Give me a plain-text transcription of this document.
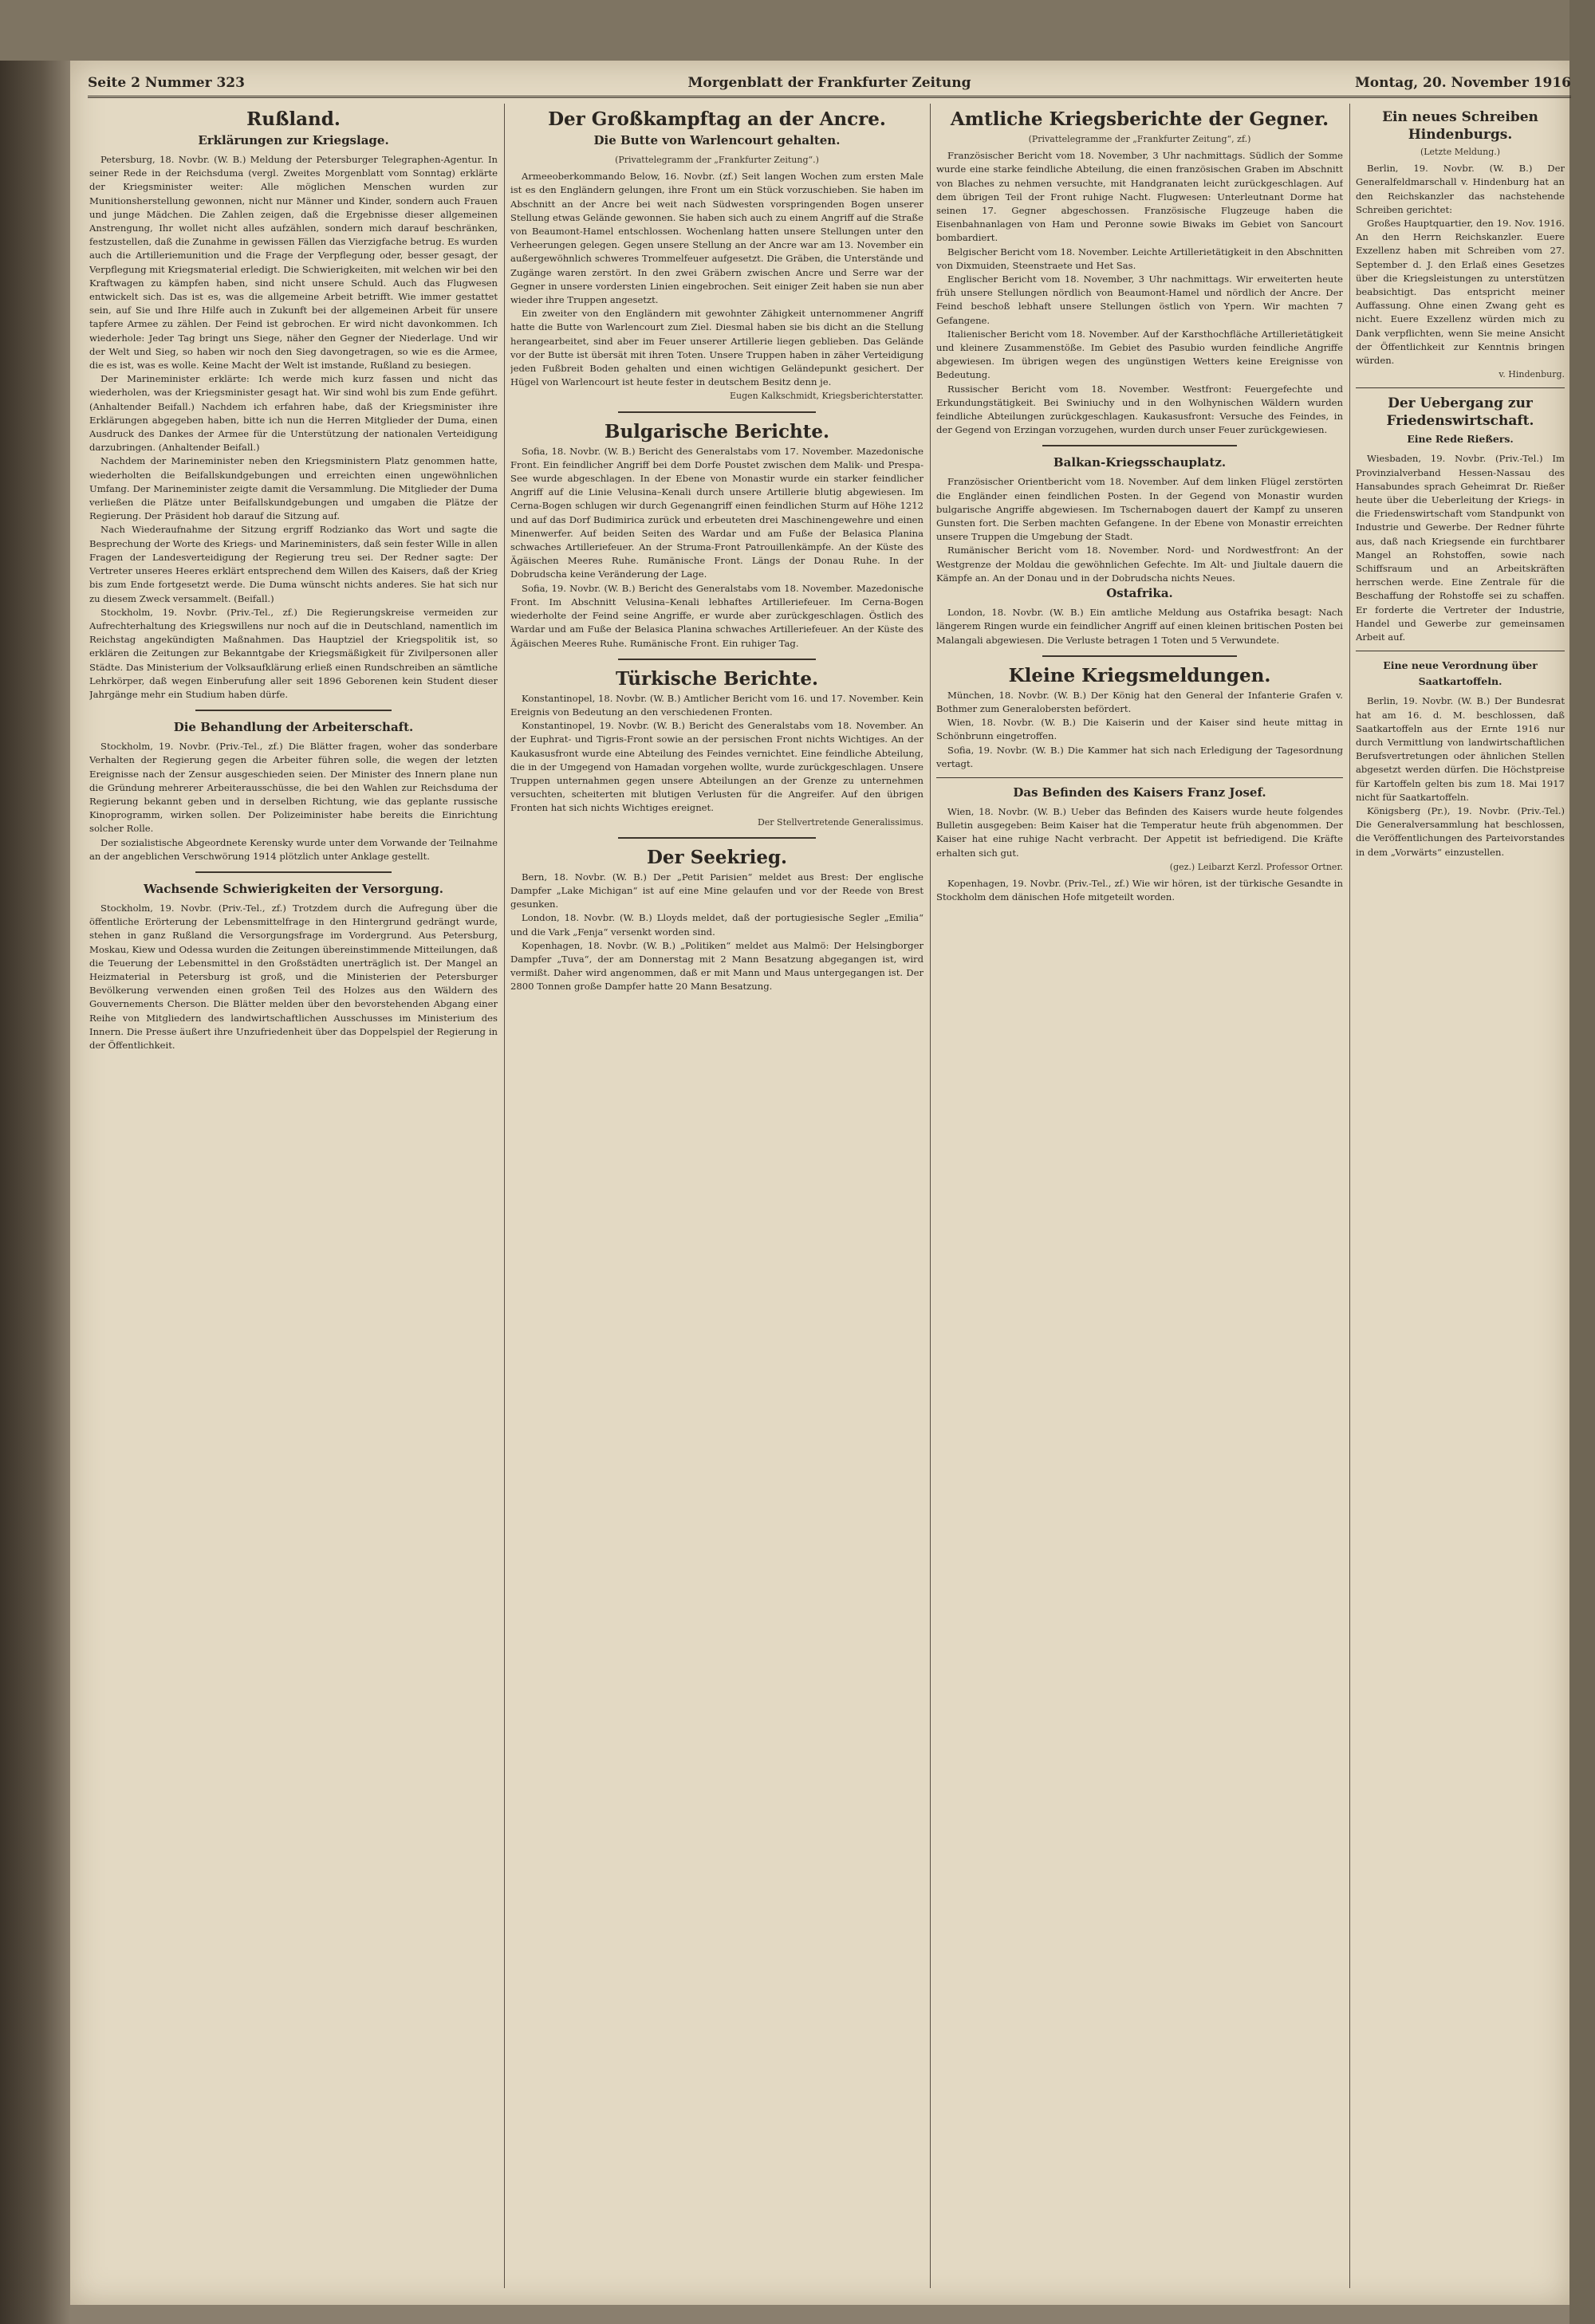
Seite 2 Nummer 323	Morgenblatt der Frankfurter Zeitung	Montag, 20. November 1916
Rußland.
Erklärungen zur Kriegslage.

Petersburg, 18. Novbr. (W. B.) Meldung der Petersburger Telegraphen-Agentur. In seiner Rede in der Reichsduma (vergl. Zweites Morgenblatt vom Sonntag) erklärte der Kriegsminister weiter: Alle möglichen Menschen wurden zur Munitionsherstellung gewonnen, nicht nur Männer und Kinder, sondern auch Frauen und junge Mädchen. Die Zahlen zeigen, daß die Ergebnisse dieser allgemeinen Anstrengung, Ihr wollet nicht alles aufzählen, sondern mich darauf beschränken, festzustellen, daß die Zunahme in gewissen Fällen das Vierzigfache betrug. Es wurden auch die Artilleriemunition und die Frage der Verpflegung oder, besser gesagt, der Verpflegung mit Kriegsmaterial erledigt. Die Schwierigkeiten, mit welchen wir bei den Kraftwagen zu kämpfen haben, sind nicht unsere Schuld. Auch das Flugwesen entwickelt sich. Das ist es, was die allgemeine Arbeit betrifft. Wie immer gestattet sein, auf Sie und Ihre Hilfe auch in Zukunft bei der allgemeinen Arbeit für unsere tapfere Armee zu zählen. Der Feind ist gebrochen. Er wird nicht davonkommen. Ich wiederhole: Jeder Tag bringt uns Siege, näher den Gegner der Niederlage. Und wir der Welt und Sieg, so haben wir noch den Sieg davongetragen, so wie es die Armee, die es ist, was es wolle. Keine Macht der Welt ist imstande, Rußland zu besiegen.

Der Marineminister erklärte: Ich werde mich kurz fassen und nicht das wiederholen, was der Kriegsminister gesagt hat. Wir sind wohl bis zum Ende geführt. (Anhaltender Beifall.) Nachdem ich erfahren habe, daß der Kriegsminister ihre Erklärungen abgegeben haben, bitte ich nun die Herren Mitglieder der Duma, einen Ausdruck des Dankes der Armee für die Unterstützung der nationalen Verteidigung darzubringen. (Anhaltender Beifall.)

Nachdem der Marineminister neben den Kriegsministern Platz genommen hatte, wiederholten die Beifallskundgebungen und erreichten einen ungewöhnlichen Umfang. Der Marineminister zeigte damit die Versammlung. Die Mitglieder der Duma verließen die Plätze unter Beifallskundgebungen und umgaben die Plätze der Regierung. Der Präsident hob darauf die Sitzung auf.

Nach Wiederaufnahme der Sitzung ergriff Rodzianko das Wort und sagte die Besprechung der Worte des Kriegs- und Marineministers, daß sein fester Wille in allen Fragen der Landesverteidigung der Regierung treu sei. Der Redner sagte: Der Vertreter unseres Heeres erklärt entsprechend dem Willen des Kaisers, daß der Krieg bis zum Ende fortgesetzt werde. Die Duma wünscht nichts anderes. Sie hat sich nur zu diesem Zweck versammelt. (Beifall.)

Stockholm, 19. Novbr. (Priv.-Tel., zf.) Die Regierungskreise vermeiden zur Aufrechterhaltung des Kriegswillens nur noch auf die in Deutschland, namentlich im Reichstag angekündigten Maßnahmen. Das Hauptziel der Kriegspolitik ist, so erklären die Zeitungen zur Bekanntgabe der Kriegsmäßigkeit für Zivilpersonen aller Städte. Das Ministerium der Volksaufklärung erließ einen Rundschreiben an sämtliche Lehrkörper, daß wegen Einberufung aller seit 1896 Geborenen kein Student dieser Jahrgänge mehr ein Studium haben dürfe.

Die Behandlung der Arbeiterschaft.

Stockholm, 19. Novbr. (Priv.-Tel., zf.) Die Blätter fragen, woher das sonderbare Verhalten der Regierung gegen die Arbeiter führen solle, die wegen der letzten Ereignisse nach der Zensur ausgeschieden seien. Der Minister des Innern plane nun die Gründung mehrerer Arbeiterausschüsse, die bei den Wahlen zur Reichsduma der Regierung bekannt geben und in derselben Richtung, wie das geplante russische Kinoprogramm, wirken sollen. Der Polizeiminister habe bereits die Einrichtung solcher Rolle.

Der sozialistische Abgeordnete Kerensky wurde unter dem Vorwande der Teilnahme an der angeblichen Verschwörung 1914 plötzlich unter Anklage gestellt.

Wachsende Schwierigkeiten der Versorgung.

Stockholm, 19. Novbr. (Priv.-Tel., zf.) Trotzdem durch die Aufregung über die öffentliche Erörterung der Lebensmittelfrage in den Hintergrund gedrängt wurde, stehen in ganz Rußland die Versorgungsfrage im Vordergrund. Aus Petersburg, Moskau, Kiew und Odessa wurden die Zeitungen übereinstimmende Mitteilungen, daß die Teuerung der Lebensmittel in den Großstädten unerträglich ist. Der Mangel an Heizmaterial in Petersburg ist groß, und die Ministerien der Petersburger Bevölkerung verwenden einen großen Teil des Holzes aus den Wäldern des Gouvernements Cherson. Die Blätter melden über den bevorstehenden Abgang einer Reihe von Mitgliedern des landwirtschaftlichen Ausschusses im Ministerium des Innern. Die Presse äußert ihre Unzufriedenheit über das Doppelspiel der Regierung in der Öffentlichkeit.

Der Großkampftag an der Ancre.
Die Butte von Warlencourt gehalten.

(Privattelegramm der „Frankfurter Zeitung“.)

Armeeoberkommando Below, 16. Novbr. (zf.) Seit langen Wochen zum ersten Male ist es den Engländern gelungen, ihre Front um ein Stück vorzuschieben. Sie haben im Abschnitt an der Ancre bei weit nach Südwesten vorspringenden Bogen unserer Stellung etwas Gelände gewonnen. Sie haben sich auch zu einem Angriff auf die Straße von Beaumont-Hamel entschlossen. Wochenlang hatten unsere Stellungen unter den Verheerungen gelegen. Gegen unsere Stellung an der Ancre war am 13. November ein außergewöhnlich schweres Trommelfeuer aufgesetzt. Die Gräben, die Unterstände und Zugänge waren zerstört. In den zwei Gräbern zwischen Ancre und Serre war der Gegner in unsere vordersten Linien eingebrochen. Seit einiger Zeit haben sie nun aber wieder ihre Truppen angesetzt.

Ein zweiter von den Engländern mit gewohnter Zähigkeit unternommener Angriff hatte die Butte von Warlencourt zum Ziel. Diesmal haben sie bis dicht an die Stellung herangearbeitet, sind aber im Feuer unserer Artillerie liegen geblieben. Das Gelände vor der Butte ist übersät mit ihren Toten. Unsere Truppen haben in zäher Verteidigung jeden Fußbreit Boden gehalten und einen wichtigen Geländepunkt gesichert. Der Hügel von Warlencourt ist heute fester in deutschem Besitz denn je.

Eugen Kalkschmidt, Kriegsberichterstatter.

Bulgarische Berichte.

Sofia, 18. Novbr. (W. B.) Bericht des Generalstabs vom 17. November. Mazedonische Front. Ein feindlicher Angriff bei dem Dorfe Poustet zwischen dem Malik- und Prespa-See wurde abgeschlagen. In der Ebene von Monastir wurde ein starker feindlicher Angriff auf die Linie Velusina–Kenali durch unsere Artillerie blutig abgewiesen. Im Cerna-Bogen schlugen wir durch Gegenangriff einen feindlichen Sturm auf Höhe 1212 und auf das Dorf Budimirica zurück und erbeuteten drei Maschinengewehre und einen Minenwerfer. Auf beiden Seiten des Wardar und am Fuße der Belasica Planina schwaches Artilleriefeuer. An der Struma-Front Patrouillenkämpfe. An der Küste des Ägäischen Meeres Ruhe. Rumänische Front. Längs der Donau Ruhe. In der Dobrudscha keine Veränderung der Lage.

Sofia, 19. Novbr. (W. B.) Bericht des Generalstabs vom 18. November. Mazedonische Front. Im Abschnitt Velusina–Kenali lebhaftes Artilleriefeuer. Im Cerna-Bogen wiederholte der Feind seine Angriffe, er wurde aber zurückgeschlagen. Östlich des Wardar und am Fuße der Belasica Planina schwaches Artilleriefeuer. An der Küste des Ägäischen Meeres Ruhe. Rumänische Front. Ein ruhiger Tag.

Türkische Berichte.

Konstantinopel, 18. Novbr. (W. B.) Amtlicher Bericht vom 16. und 17. November. Kein Ereignis von Bedeutung an den verschiedenen Fronten.

Konstantinopel, 19. Novbr. (W. B.) Bericht des Generalstabs vom 18. November. An der Euphrat- und Tigris-Front sowie an der persischen Front nichts Wichtiges. An der Kaukasusfront wurde eine Abteilung des Feindes vernichtet. Eine feindliche Abteilung, die in der Umgegend von Hamadan vorgehen wollte, wurde zurückgeschlagen. Unsere Truppen unternahmen gegen unsere Abteilungen an der Grenze zu unternehmen versuchten, scheiterten mit blutigen Verlusten für die Angreifer. Auf den übrigen Fronten hat sich nichts Wichtiges ereignet.

Der Stellvertretende Generalissimus.

Der Seekrieg.

Bern, 18. Novbr. (W. B.) Der „Petit Parisien“ meldet aus Brest: Der englische Dampfer „Lake Michigan“ ist auf eine Mine gelaufen und vor der Reede von Brest gesunken.

London, 18. Novbr. (W. B.) Lloyds meldet, daß der portugiesische Segler „Emilia“ und die Vark „Fenja“ versenkt worden sind.

Kopenhagen, 18. Novbr. (W. B.) „Politiken“ meldet aus Malmö: Der Helsingborger Dampfer „Tuva“, der am Donnerstag mit 2 Mann Besatzung abgegangen ist, wird vermißt. Daher wird angenommen, daß er mit Mann und Maus untergegangen ist. Der 2800 Tonnen große Dampfer hatte 20 Mann Besatzung.

Amtliche Kriegsberichte der Gegner.

(Privattelegramme der „Frankfurter Zeitung“, zf.)

Französischer Bericht vom 18. November, 3 Uhr nachmittags. Südlich der Somme wurde eine starke feindliche Abteilung, die einen französischen Graben im Abschnitt von Blaches zu nehmen versuchte, mit Handgranaten leicht zurückgeschlagen. Auf dem übrigen Teil der Front ruhige Nacht. Flugwesen: Unterleutnant Dorme hat seinen 17. Gegner abgeschossen. Französische Flugzeuge haben die Eisenbahnanlagen von Ham und Peronne sowie Biwaks im Gebiet von Sancourt bombardiert.

Belgischer Bericht vom 18. November. Leichte Artillerietätigkeit in den Abschnitten von Dixmuiden, Steenstraete und Het Sas.

Englischer Bericht vom 18. November, 3 Uhr nachmittags. Wir erweiterten heute früh unsere Stellungen nördlich von Beaumont-Hamel und nördlich der Ancre. Der Feind beschoß lebhaft unsere Stellungen östlich von Ypern. Wir machten 7 Gefangene.

Italienischer Bericht vom 18. November. Auf der Karsthochfläche Artillerietätigkeit und kleinere Zusammenstöße. Im Gebiet des Pasubio wurden feindliche Angriffe abgewiesen. Im übrigen wegen des ungünstigen Wetters keine Ereignisse von Bedeutung.

Russischer Bericht vom 18. November. Westfront: Feuergefechte und Erkundungstätigkeit. Bei Swiniuchy und in den Wolhynischen Wäldern wurden feindliche Abteilungen zurückgeschlagen. Kaukasusfront: Versuche des Feindes, in der Gegend von Erzingan vorzugehen, wurden durch unser Feuer zurückgewiesen.

Balkan-Kriegsschauplatz.

Französischer Orientbericht vom 18. November. Auf dem linken Flügel zerstörten die Engländer einen feindlichen Posten. In der Gegend von Monastir wurden bulgarische Angriffe abgewiesen. Im Tschernabogen dauert der Kampf zu unseren Gunsten fort. Die Serben machten Gefangene. In der Ebene von Monastir erreichten unsere Truppen die Umgebung der Stadt.

Rumänischer Bericht vom 18. November. Nord- und Nordwestfront: An der Westgrenze der Moldau die gewöhnlichen Gefechte. Im Alt- und Jiultale dauern die Kämpfe an. An der Donau und in der Dobrudscha nichts Neues.

Ostafrika.

London, 18. Novbr. (W. B.) Ein amtliche Meldung aus Ostafrika besagt: Nach längerem Ringen wurde ein feindlicher Angriff auf einen kleinen britischen Posten bei Malangali abgewiesen. Die Verluste betragen 1 Toten und 5 Verwundete.

Kleine Kriegsmeldungen.

München, 18. Novbr. (W. B.) Der König hat den General der Infanterie Grafen v. Bothmer zum Generalobersten befördert.

Wien, 18. Novbr. (W. B.) Die Kaiserin und der Kaiser sind heute mittag in Schönbrunn eingetroffen.

Sofia, 19. Novbr. (W. B.) Die Kammer hat sich nach Erledigung der Tagesordnung vertagt.

Das Befinden des Kaisers Franz Josef.

Wien, 18. Novbr. (W. B.) Ueber das Befinden des Kaisers wurde heute folgendes Bulletin ausgegeben: Beim Kaiser hat die Temperatur heute früh abgenommen. Der Kaiser hat eine ruhige Nacht verbracht. Der Appetit ist befriedigend. Die Kräfte erhalten sich gut.

(gez.) Leibarzt Kerzl. Professor Ortner.

Kopenhagen, 19. Novbr. (Priv.-Tel., zf.) Wie wir hören, ist der türkische Gesandte in Stockholm dem dänischen Hofe mitgeteilt worden.

Ein neues Schreiben Hindenburgs.

(Letzte Meldung.)

Berlin, 19. Novbr. (W. B.) Der Generalfeldmarschall v. Hindenburg hat an den Reichskanzler das nachstehende Schreiben gerichtet:

Großes Hauptquartier, den 19. Nov. 1916. An den Herrn Reichskanzler. Euere Exzellenz haben mit Schreiben vom 27. September d. J. den Erlaß eines Gesetzes über die Kriegsleistungen zu unterstützen beabsichtigt. Das entspricht meiner Auffassung. Ohne einen Zwang geht es nicht. Euere Exzellenz würden mich zu Dank verpflichten, wenn Sie meine Ansicht der Öffentlichkeit zur Kenntnis bringen würden.

v. Hindenburg.

Der Uebergang zur Friedenswirtschaft.
Eine Rede Rießers.

Wiesbaden, 19. Novbr. (Priv.-Tel.) Im Provinzialverband Hessen-Nassau des Hansabundes sprach Geheimrat Dr. Rießer heute über die Ueberleitung der Kriegs- in die Friedenswirtschaft vom Standpunkt von Industrie und Gewerbe. Der Redner führte aus, daß nach Kriegsende ein furchtbarer Mangel an Rohstoffen, sowie nach Schiffsraum und an Arbeitskräften herrschen werde. Eine Zentrale für die Beschaffung der Rohstoffe sei zu schaffen. Er forderte die Vertreter der Industrie, Handel und Gewerbe zur gemeinsamen Arbeit auf.

Eine neue Verordnung über Saatkartoffeln.

Berlin, 19. Novbr. (W. B.) Der Bundesrat hat am 16. d. M. beschlossen, daß Saatkartoffeln aus der Ernte 1916 nur durch Vermittlung von landwirtschaftlichen Berufsvertretungen oder ähnlichen Stellen abgesetzt werden dürfen. Die Höchstpreise für Kartoffeln gelten bis zum 18. Mai 1917 nicht für Saatkartoffeln.

Königsberg (Pr.), 19. Novbr. (Priv.-Tel.) Die Generalversammlung hat beschlossen, die Veröffentlichungen des Parteivorstandes in dem „Vorwärts“ einzustellen.
